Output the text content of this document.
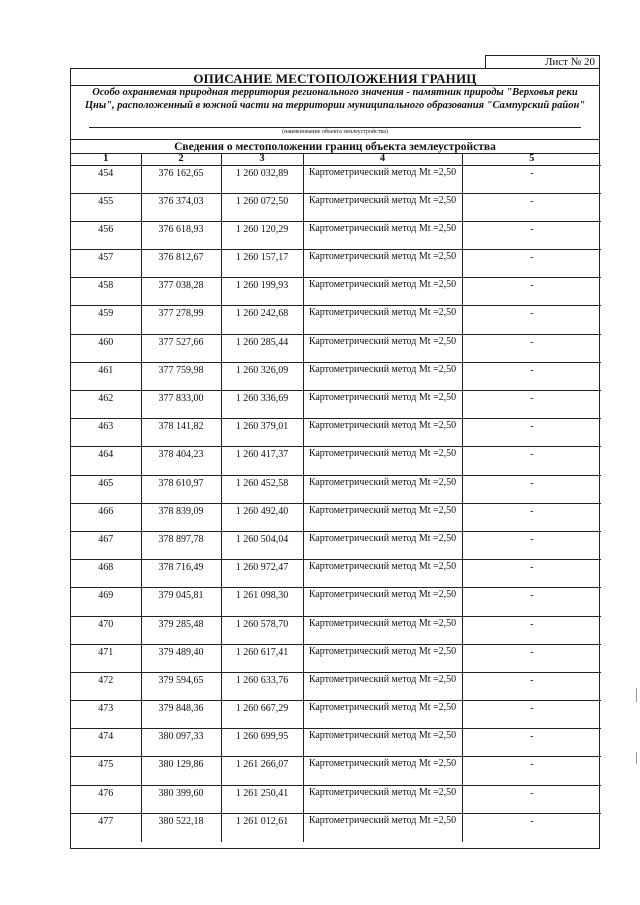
Лист № 20
ОПИСАНИЕ МЕСТОПОЛОЖЕНИЯ ГРАНИЦ
Особо охраняемая природная территория регионального значения - памятник природы "Верховья реки Цны", расположенный в южной части на территории муниципального образования "Сампурский район"
(наименование объекта землеустройства)
Сведения о местоположении границ объекта землеустройства
1	2	3	4	5
454	376 162,65	1 260 032,89	Картометрический метод Mt =2,50	-
455	376 374,03	1 260 072,50	Картометрический метод Mt =2,50	-
456	376 618,93	1 260 120,29	Картометрический метод Mt =2,50	-
457	376 812,67	1 260 157,17	Картометрический метод Mt =2,50	-
458	377 038,28	1 260 199,93	Картометрический метод Mt =2,50	-
459	377 278,99	1 260 242,68	Картометрический метод Mt =2,50	-
460	377 527,66	1 260 285,44	Картометрический метод Mt =2,50	-
461	377 759,98	1 260 326,09	Картометрический метод Mt =2,50	-
462	377 833,00	1 260 336,69	Картометрический метод Mt =2,50	-
463	378 141,82	1 260 379,01	Картометрический метод Mt =2,50	-
464	378 404,23	1 260 417,37	Картометрический метод Mt =2,50	-
465	378 610,97	1 260 452,58	Картометрический метод Mt =2,50	-
466	378 839,09	1 260 492,40	Картометрический метод Mt =2,50	-
467	378 897,78	1 260 504,04	Картометрический метод Mt =2,50	-
468	378 716,49	1 260 972,47	Картометрический метод Mt =2,50	-
469	379 045,81	1 261 098,30	Картометрический метод Mt =2,50	-
470	379 285,48	1 260 578,70	Картометрический метод Mt =2,50	-
471	379 489,40	1 260 617,41	Картометрический метод Mt =2,50	-
472	379 594,65	1 260 633,76	Картометрический метод Mt =2,50	-
473	379 848,36	1 260 667,29	Картометрический метод Mt =2,50	-
474	380 097,33	1 260 699,95	Картометрический метод Mt =2,50	-
475	380 129,86	1 261 266,07	Картометрический метод Mt =2,50	-
476	380 399,60	1 261 250,41	Картометрический метод Mt =2,50	-
477	380 522,18	1 261 012,61	Картометрический метод Mt =2,50	-
